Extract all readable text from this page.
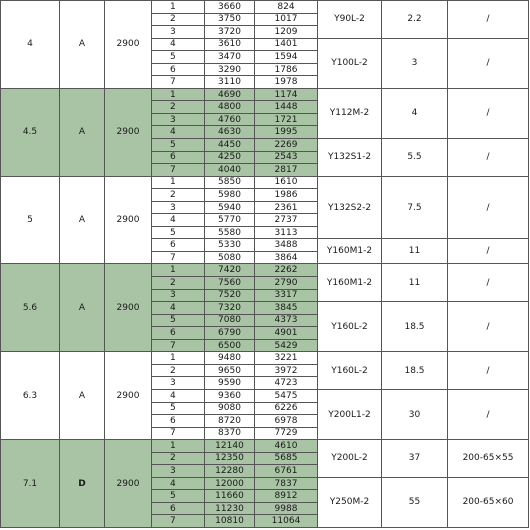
4	A	2900	1	3660	824	Y90L-2	2.2	/
			2	3750	1017			
			3	3720	1209			
			4	3610	1401	Y100L-2	3	/
			5	3470	1594			
			6	3290	1786			
			7	3110	1978			
4.5	A	2900	1	4690	1174	Y112M-2	4	/
			2	4800	1448			
			3	4760	1721			
			4	4630	1995			
			5	4450	2269	Y132S1-2	5.5	/
			6	4250	2543			
			7	4040	2817			
5	A	2900	1	5850	1610	Y132S2-2	7.5	/
			2	5980	1986			
			3	5940	2361			
			4	5770	2737			
			5	5580	3113			
			6	5330	3488	Y160M1-2	11	/
			7	5080	3864			
5.6	A	2900	1	7420	2262	Y160M1-2	11	/
			2	7560	2790			
			3	7520	3317			
			4	7320	3845	Y160L-2	18.5	/
			5	7080	4373			
			6	6790	4901			
			7	6500	5429			
6.3	A	2900	1	9480	3221	Y160L-2	18.5	/
			2	9650	3972			
			3	9590	4723			
			4	9360	5475	Y200L1-2	30	/
			5	9080	6226			
			6	8720	6978			
			7	8370	7729			
7.1	D	2900	1	12140	4610	Y200L-2	37	200-65×55
			2	12350	5685			
			3	12280	6761			
			4	12000	7837	Y250M-2	55	200-65×60
			5	11660	8912			
			6	11230	9988			
			7	10810	11064			
